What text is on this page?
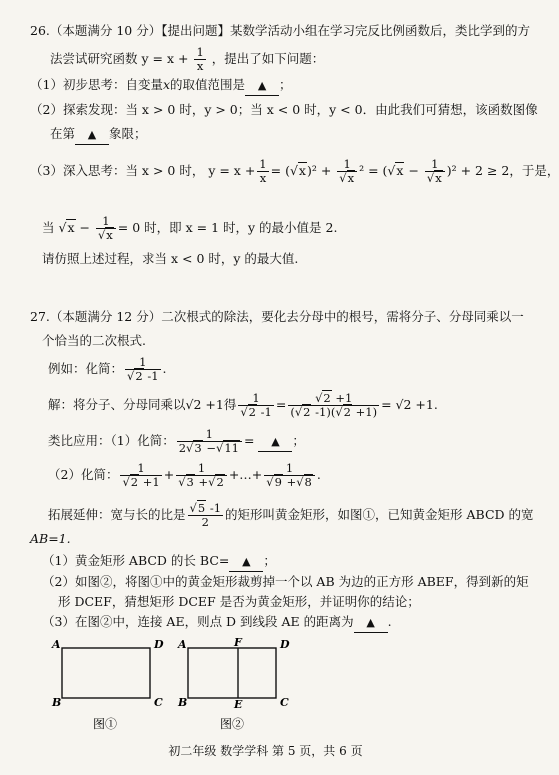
26.（本题满分 10 分）【提出问题】某数学活动小组在学习完反比例函数后，类比学到的方
法尝试研究函数 $y = x + \frac{1}{x}$ ，提出了如下问题：
（1）初步思考：自变量x的取值范围是 ▲ ；
（2）探索发现：当 x > 0 时，y > 0；当 x < 0 时，y < 0．由此我们可猜想，该函数图像
在第 ▲ 象限；
（3）深入思考：当 x > 0 时， $y = x + \frac{1}{x} = (√x)^2 + \frac{1}{√x} ^2 = (√x - \frac{1}{√x} )^2 + 2 \ge 2$，于是，
当 $√x - \frac{1}{√x} = 0$ 时，即 x = 1 时，y 的最小值是 2.
请仿照上述过程，求当 x < 0 时，y 的最大值.
27.（本题满分 12 分）二次根式的除法，要化去分母中的根号，需将分子、分母同乘以一
个恰当的二次根式.
例如：化简： $\frac{1}{√2 -1}$ .
解：将分子、分母同乘以√2 +1得 $\frac{1}{√2 -1} = \frac{√2 +1}{(√2 -1)(√2 +1)} = √2 +1$.
类比应用：（1）化简： $\frac{1}{2√3 -√11}$ = ▲ ；
（2）化简： $\frac{1}{√2 +1} + \frac{1}{√3 +√2}$ +…+ $\frac{1}{√9 +√8}$ .
拓展延伸：宽与长的比是 $\frac{√5 -1}{2}$ 的矩形叫黄金矩形，如图①，已知黄金矩形 ABCD 的宽
AB=1.
（1）黄金矩形 ABCD 的长 BC= ▲ ；
（2）如图②，将图①中的黄金矩形裁剪掉一个以 AB 为边的正方形 ABEF，得到新的矩
形 DCEF，猜想矩形 DCEF 是否为黄金矩形，并证明你的结论；
（3）在图②中，连接 AE，则点 D 到线段 AE 的距离为 ▲ .
A	D
B	C
图①
A	F	D
B	E	C
图②
初二年级 数学学科 第 5 页，共 6 页
